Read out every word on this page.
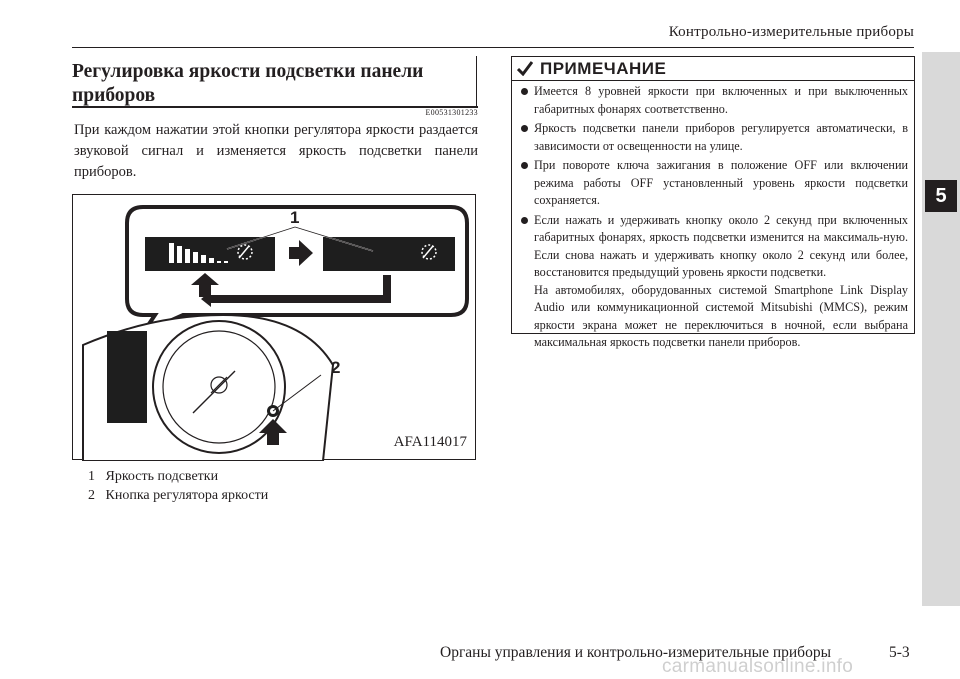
Контрольно-измерительные приборы
5
Регулировка яркости подсветки панели приборов
E00531301233
При каждом нажатии этой кнопки регулятора яркости раздается звуковой сигнал и изменяется яркость подсветки панели приборов.
1
2
AFA114017
1 Яркость подсветки
2 Кнопка регулятора яркости
ПРИМЕЧАНИЕ
Имеется 8 уровней яркости при включенных и при выключенных габаритных фонарях соответственно.
Яркость подсветки панели приборов регулируется автоматически, в зависимости от освещенности на улице.
При повороте ключа зажигания в положение OFF или включении режима работы OFF установленный уровень яркости подсветки сохраняется.
Если нажать и удерживать кнопку около 2 секунд при включенных габаритных фонарях, яркость подсветки изменится на максималь-ную. Если снова нажать и удерживать кнопку около 2 секунд или более, восстановится предыдущий уровень яркости подсветки.
На автомобилях, оборудованных системой Smartphone Link Display Audio или коммуникационной системой Mitsubishi (MMCS), режим яркости экрана может не переключиться в ночной, если выбрана максимальная яркость подсветки панели приборов.
Органы управления и контрольно-измерительные приборы	5-3
carmanualsonline.info
